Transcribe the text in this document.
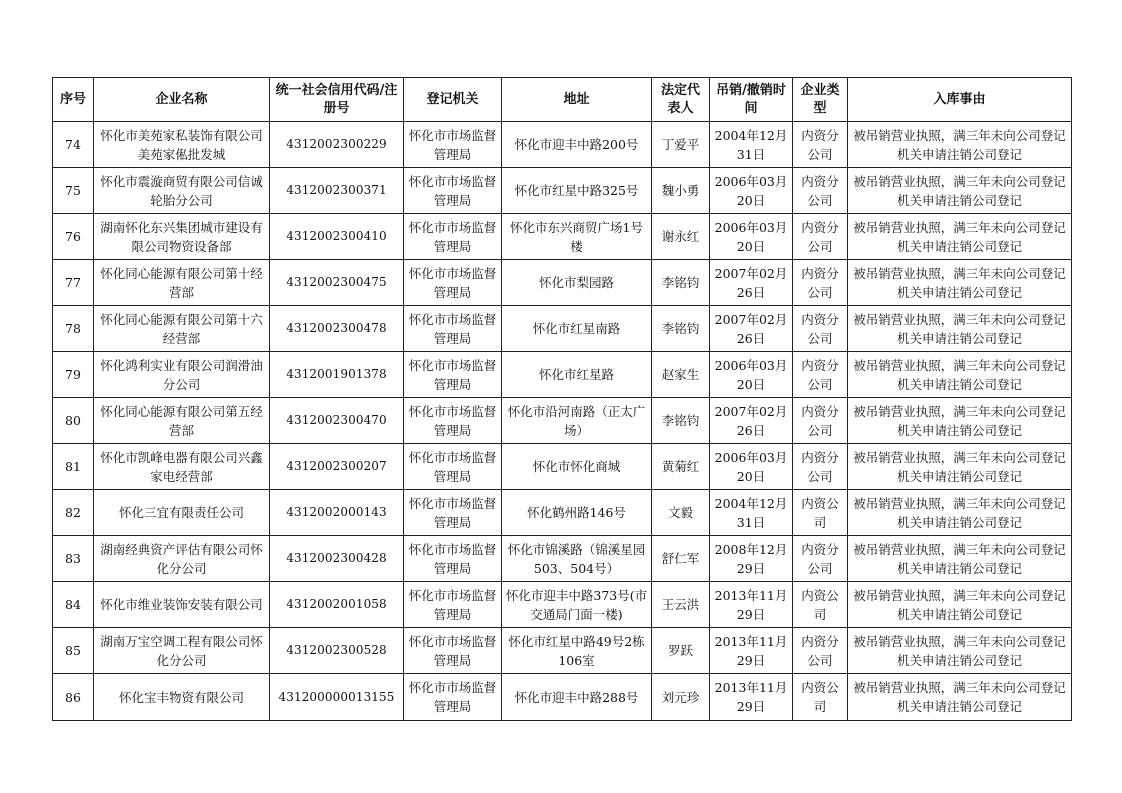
序号	企业名称	统一社会信用代码/注册号	登记机关	地址	法定代表人	吊销/撤销时间	企业类型	入库事由
74	怀化市美苑家私装饰有限公司美苑家俬批发城	4312002300229	怀化市市场监督管理局	怀化市迎丰中路200号	丁爱平	2004年12月31日	内资分公司	被吊销营业执照，满三年未向公司登记机关申请注销公司登记
75	怀化市震漩商贸有限公司信诚轮胎分公司	4312002300371	怀化市市场监督管理局	怀化市红星中路325号	魏小勇	2006年03月20日	内资分公司	被吊销营业执照，满三年未向公司登记机关申请注销公司登记
76	湖南怀化东兴集团城市建设有限公司物资设备部	4312002300410	怀化市市场监督管理局	怀化市东兴商贸广场1号楼	谢永红	2006年03月20日	内资分公司	被吊销营业执照，满三年未向公司登记机关申请注销公司登记
77	怀化同心能源有限公司第十经营部	4312002300475	怀化市市场监督管理局	怀化市梨园路	李铭钧	2007年02月26日	内资分公司	被吊销营业执照，满三年未向公司登记机关申请注销公司登记
78	怀化同心能源有限公司第十六经营部	4312002300478	怀化市市场监督管理局	怀化市红星南路	李铭钧	2007年02月26日	内资分公司	被吊销营业执照，满三年未向公司登记机关申请注销公司登记
79	怀化鸿利实业有限公司润滑油分公司	4312001901378	怀化市市场监督管理局	怀化市红星路	赵家生	2006年03月20日	内资分公司	被吊销营业执照，满三年未向公司登记机关申请注销公司登记
80	怀化同心能源有限公司第五经营部	4312002300470	怀化市市场监督管理局	怀化市沿河南路（正太广场）	李铭钧	2007年02月26日	内资分公司	被吊销营业执照，满三年未向公司登记机关申请注销公司登记
81	怀化市凯峰电器有限公司兴鑫家电经营部	4312002300207	怀化市市场监督管理局	怀化市怀化商城	黄菊红	2006年03月20日	内资分公司	被吊销营业执照，满三年未向公司登记机关申请注销公司登记
82	怀化三宜有限责任公司	4312002000143	怀化市市场监督管理局	怀化鹤州路146号	文毅	2004年12月31日	内资公司	被吊销营业执照，满三年未向公司登记机关申请注销公司登记
83	湖南经典资产评估有限公司怀化分公司	4312002300428	怀化市市场监督管理局	怀化市锦溪路（锦溪星园503、504号）	舒仁军	2008年12月29日	内资分公司	被吊销营业执照，满三年未向公司登记机关申请注销公司登记
84	怀化市维业装饰安装有限公司	4312002001058	怀化市市场监督管理局	怀化市迎丰中路373号(市交通局门面一楼)	王云洪	2013年11月29日	内资公司	被吊销营业执照，满三年未向公司登记机关申请注销公司登记
85	湖南万宝空调工程有限公司怀化分公司	4312002300528	怀化市市场监督管理局	怀化市红星中路49号2栋106室	罗跃	2013年11月29日	内资分公司	被吊销营业执照，满三年未向公司登记机关申请注销公司登记
86	怀化宝丰物资有限公司	431200000013155	怀化市市场监督管理局	怀化市迎丰中路288号	刘元珍	2013年11月29日	内资公司	被吊销营业执照，满三年未向公司登记机关申请注销公司登记
